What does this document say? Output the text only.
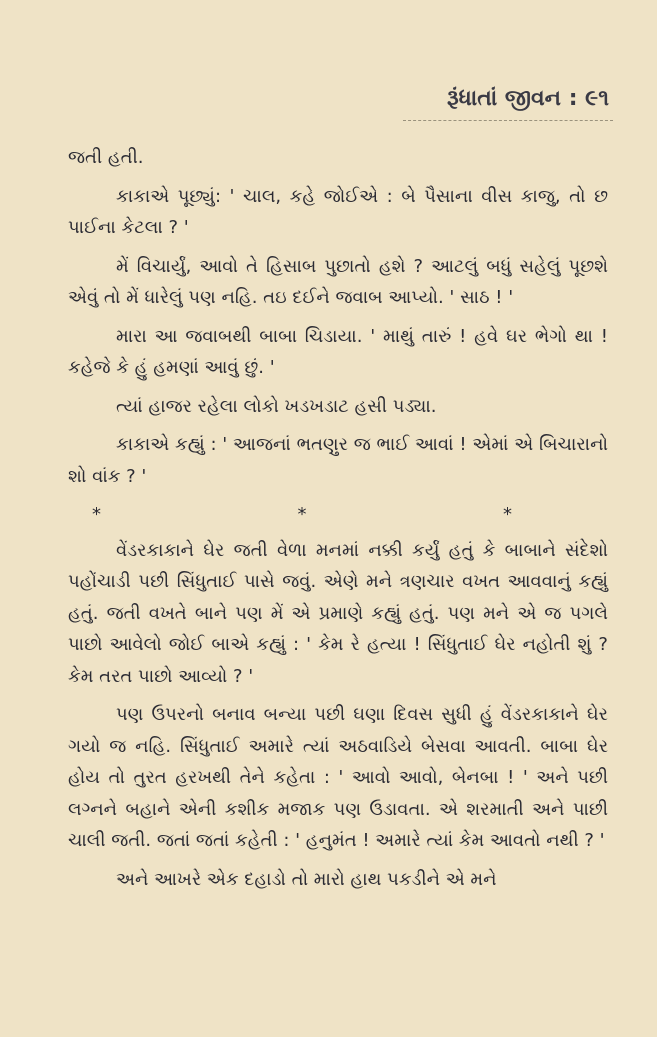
રૂંધાતાં જીવન : ૯૧

જતી હતી.

કાકાએ પૂછ્યું: ' ચાલ, કહે જોઈએ : બે પૈસાના વીસ કાજુ, તો છ પાઈના કેટલા ? '

મેં વિચાર્યું, આવો તે હિસાબ પુછાતો હશે ? આટલું બધું સહેલું પૂછશે એવું તો મેં ધારેલું પણ નહિ. તઇ દઈને જવાબ આપ્યો. ' સાઠ ! '

મારા આ જવાબથી બાબા ચિડાયા. ' માથું તારું ! હવે ઘર ભેગો થા ! કહેજે કે હું હમણાં આવું છું. '

ત્યાં હાજર રહેલા લોકો ખડખડાટ હસી પડ્યા.

કાકાએ કહ્યું : ' આજનાં ભતણુર જ ભાઈ આવાં ! એમાં એ બિચારાનો શો વાંક ? '

*	*	*

વેંડરકાકાને ઘેર જતી વેળા મનમાં નક્કી કર્યું હતું કે બાબાને સંદેશો પહોંચાડી પછી સિંધુતાઈ પાસે જવું. એણે મને ત્રણચાર વખત આવવાનું કહ્યું હતું. જતી વખતે બાને પણ મેં એ પ્રમાણે કહ્યું હતું. પણ મને એ જ પગલે પાછો આવેલો જોઈ બાએ કહ્યું : ' કેમ રે હત્યા ! સિંધુતાઈ ઘેર નહોતી શું ? કેમ તરત પાછો આવ્યો ? '

પણ ઉપરનો બનાવ બન્યા પછી ઘણા દિવસ સુધી હું વેંડરકાકાને ઘેર ગયો જ નહિ. સિંધુતાઈ અમારે ત્યાં અઠવાડિયે બેસવા આવતી. બાબા ઘેર હોય તો તુરત હરખથી તેને કહેતા : ' આવો આવો, બેનબા ! ' અને પછી લગ્નને બહાને એની કશીક મજાક પણ ઉડાવતા. એ શરમાતી અને પાછી ચાલી જતી. જતાં જતાં કહેતી : ' હનુમંત ! અમારે ત્યાં કેમ આવતો નથી ? '

અને આખરે એક દહાડો તો મારો હાથ પકડીને એ મને
